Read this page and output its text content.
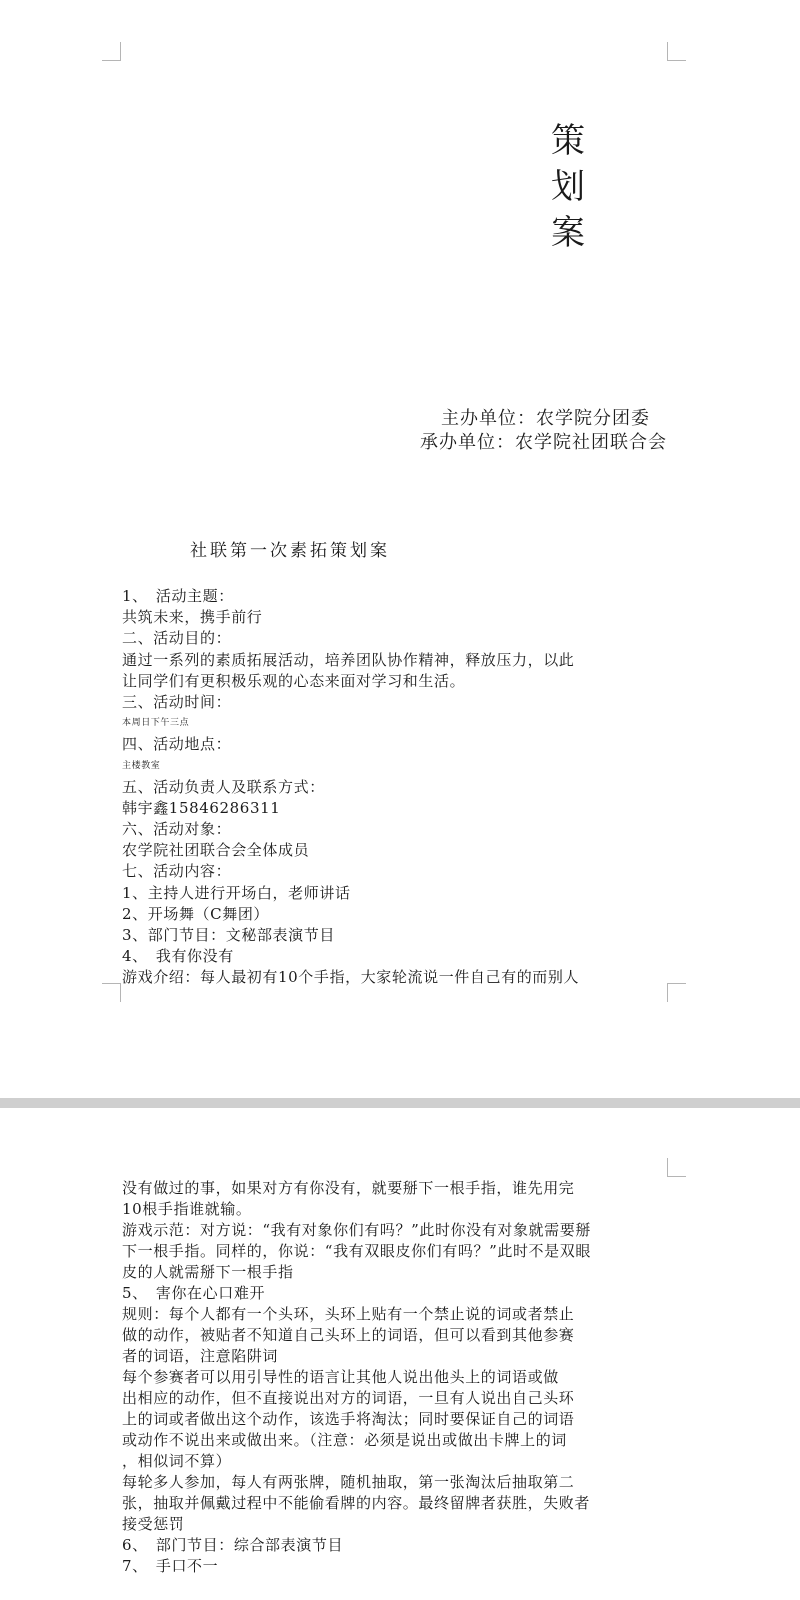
策
划
案
主办单位：农学院分团委
承办单位：农学院社团联合会
社联第一次素拓策划案
1、　活动主题：
共筑未来，携手前行
二、活动目的：
通过一系列的素质拓展活动，培养团队协作精神，释放压力，以此
让同学们有更积极乐观的心态来面对学习和生活。
三、活动时间：
本周日下午三点
四、活动地点：
主楼教室
五、活动负责人及联系方式：
韩宇鑫15846286311
六、活动对象：
农学院社团联合会全体成员
七、活动内容：
1、主持人进行开场白，老师讲话
2、开场舞（C舞团）
3、部门节目：文秘部表演节目
4、　我有你没有
游戏介绍：每人最初有10个手指，大家轮流说一件自己有的而别人
没有做过的事，如果对方有你没有，就要掰下一根手指，谁先用完
10根手指谁就输。
游戏示范：对方说：“我有对象你们有吗？”此时你没有对象就需要掰
下一根手指。同样的，你说：“我有双眼皮你们有吗？”此时不是双眼
皮的人就需掰下一根手指
5、　害你在心口难开
规则：每个人都有一个头环，头环上贴有一个禁止说的词或者禁止
做的动作，被贴者不知道自己头环上的词语，但可以看到其他参赛
者的词语，注意陷阱词
每个参赛者可以用引导性的语言让其他人说出他头上的词语或做
出相应的动作，但不直接说出对方的词语，一旦有人说出自己头环
上的词或者做出这个动作，该选手将淘汰；同时要保证自己的词语
或动作不说出来或做出来。（注意：必须是说出或做出卡牌上的词
，相似词不算）
每轮多人参加，每人有两张牌，随机抽取，第一张淘汰后抽取第二
张，抽取并佩戴过程中不能偷看牌的内容。最终留牌者获胜，失败者
接受惩罚
6、　部门节目：综合部表演节目
7、　手口不一
